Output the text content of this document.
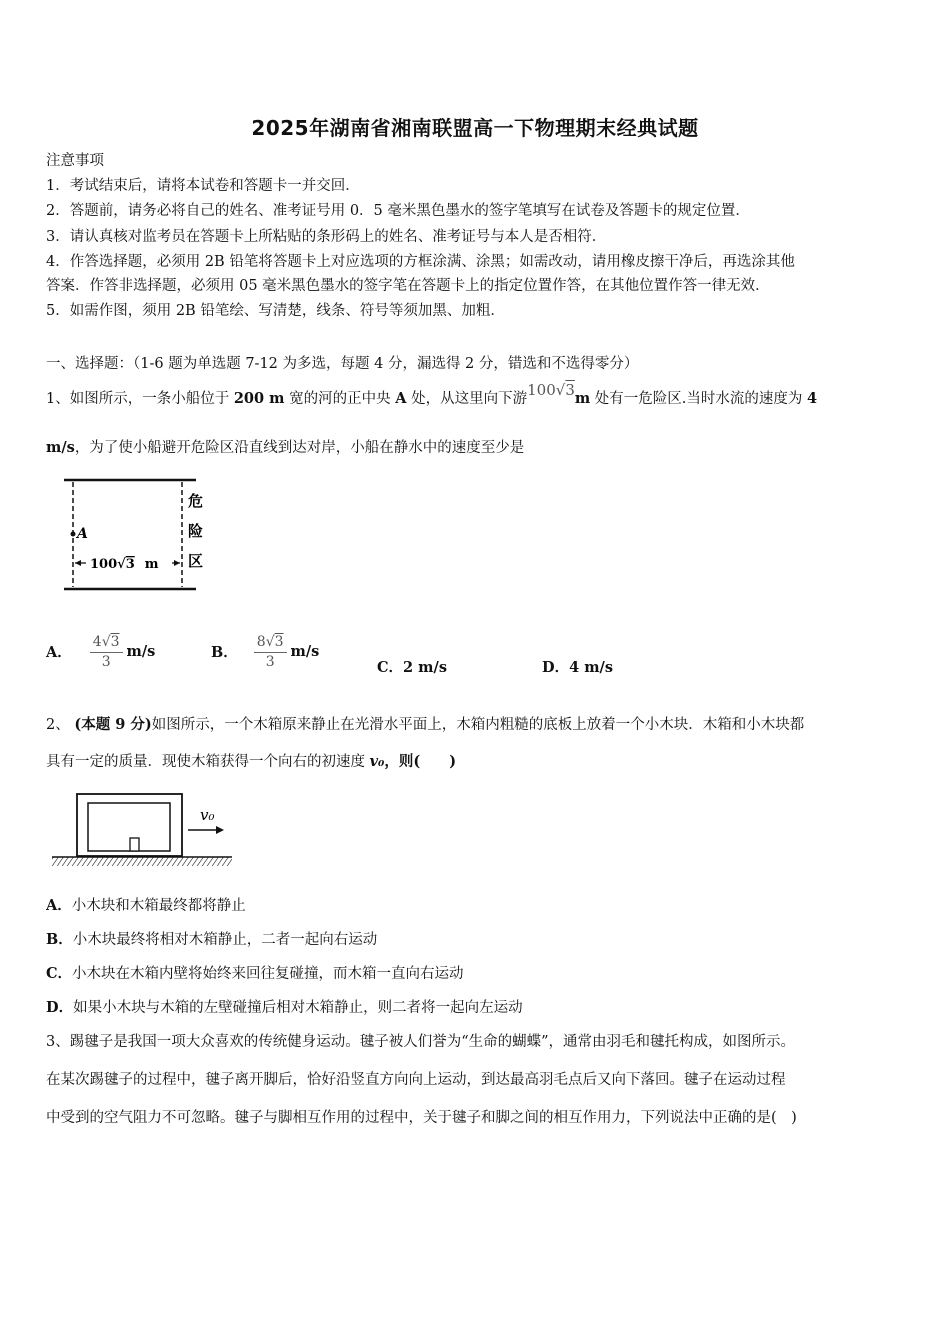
2025年湖南省湘南联盟高一下物理期末经典试题
注意事项
1．考试结束后，请将本试卷和答题卡一并交回．
2．答题前，请务必将自己的姓名、准考证号用 0．5 毫米黑色墨水的签字笔填写在试卷及答题卡的规定位置．
3．请认真核对监考员在答题卡上所粘贴的条形码上的姓名、准考证号与本人是否相符．
4．作答选择题，必须用 2B 铅笔将答题卡上对应选项的方框涂满、涂黑；如需改动，请用橡皮擦干净后，再选涂其他
答案．作答非选择题，必须用 05 毫米黑色墨水的签字笔在答题卡上的指定位置作答，在其他位置作答一律无效．
5．如需作图，须用 2B 铅笔绘、写清楚，线条、符号等须加黑、加粗．
一、选择题：（1-6 题为单选题 7-12 为多选，每题 4 分，漏选得 2 分，错选和不选得零分）
1、如图所示，一条小船位于 200 m 宽的河的正中央 A 处，从这里向下游100√3m 处有一危险区.当时水流的速度为 4
m/s，为了使小船避开危险区沿直线到达对岸，小船在静水中的速度至少是
A
100√3 m
危
险
区
A． $\frac{4√3}{3} m/s$	B． $\frac{8√3}{3} m/s$
C．2 m/s	D．4 m/s
2、 (本题 9 分)如图所示，一个木箱原来静止在光滑水平面上，木箱内粗糙的底板上放着一个小木块．木箱和小木块都
具有一定的质量．现使木箱获得一个向右的初速度 v₀，则(　　)
v₀
A．小木块和木箱最终都将静止
B．小木块最终将相对木箱静止，二者一起向右运动
C．小木块在木箱内壁将始终来回往复碰撞，而木箱一直向右运动
D．如果小木块与木箱的左壁碰撞后相对木箱静止，则二者将一起向左运动
3、踢毽子是我国一项大众喜欢的传统健身运动。毽子被人们誉为“生命的蝴蝶”，通常由羽毛和毽托构成，如图所示。
在某次踢毽子的过程中，毽子离开脚后，恰好沿竖直方向向上运动，到达最高羽毛点后又向下落回。毽子在运动过程
中受到的空气阻力不可忽略。毽子与脚相互作用的过程中，关于毽子和脚之间的相互作用力，下列说法中正确的是(　)
